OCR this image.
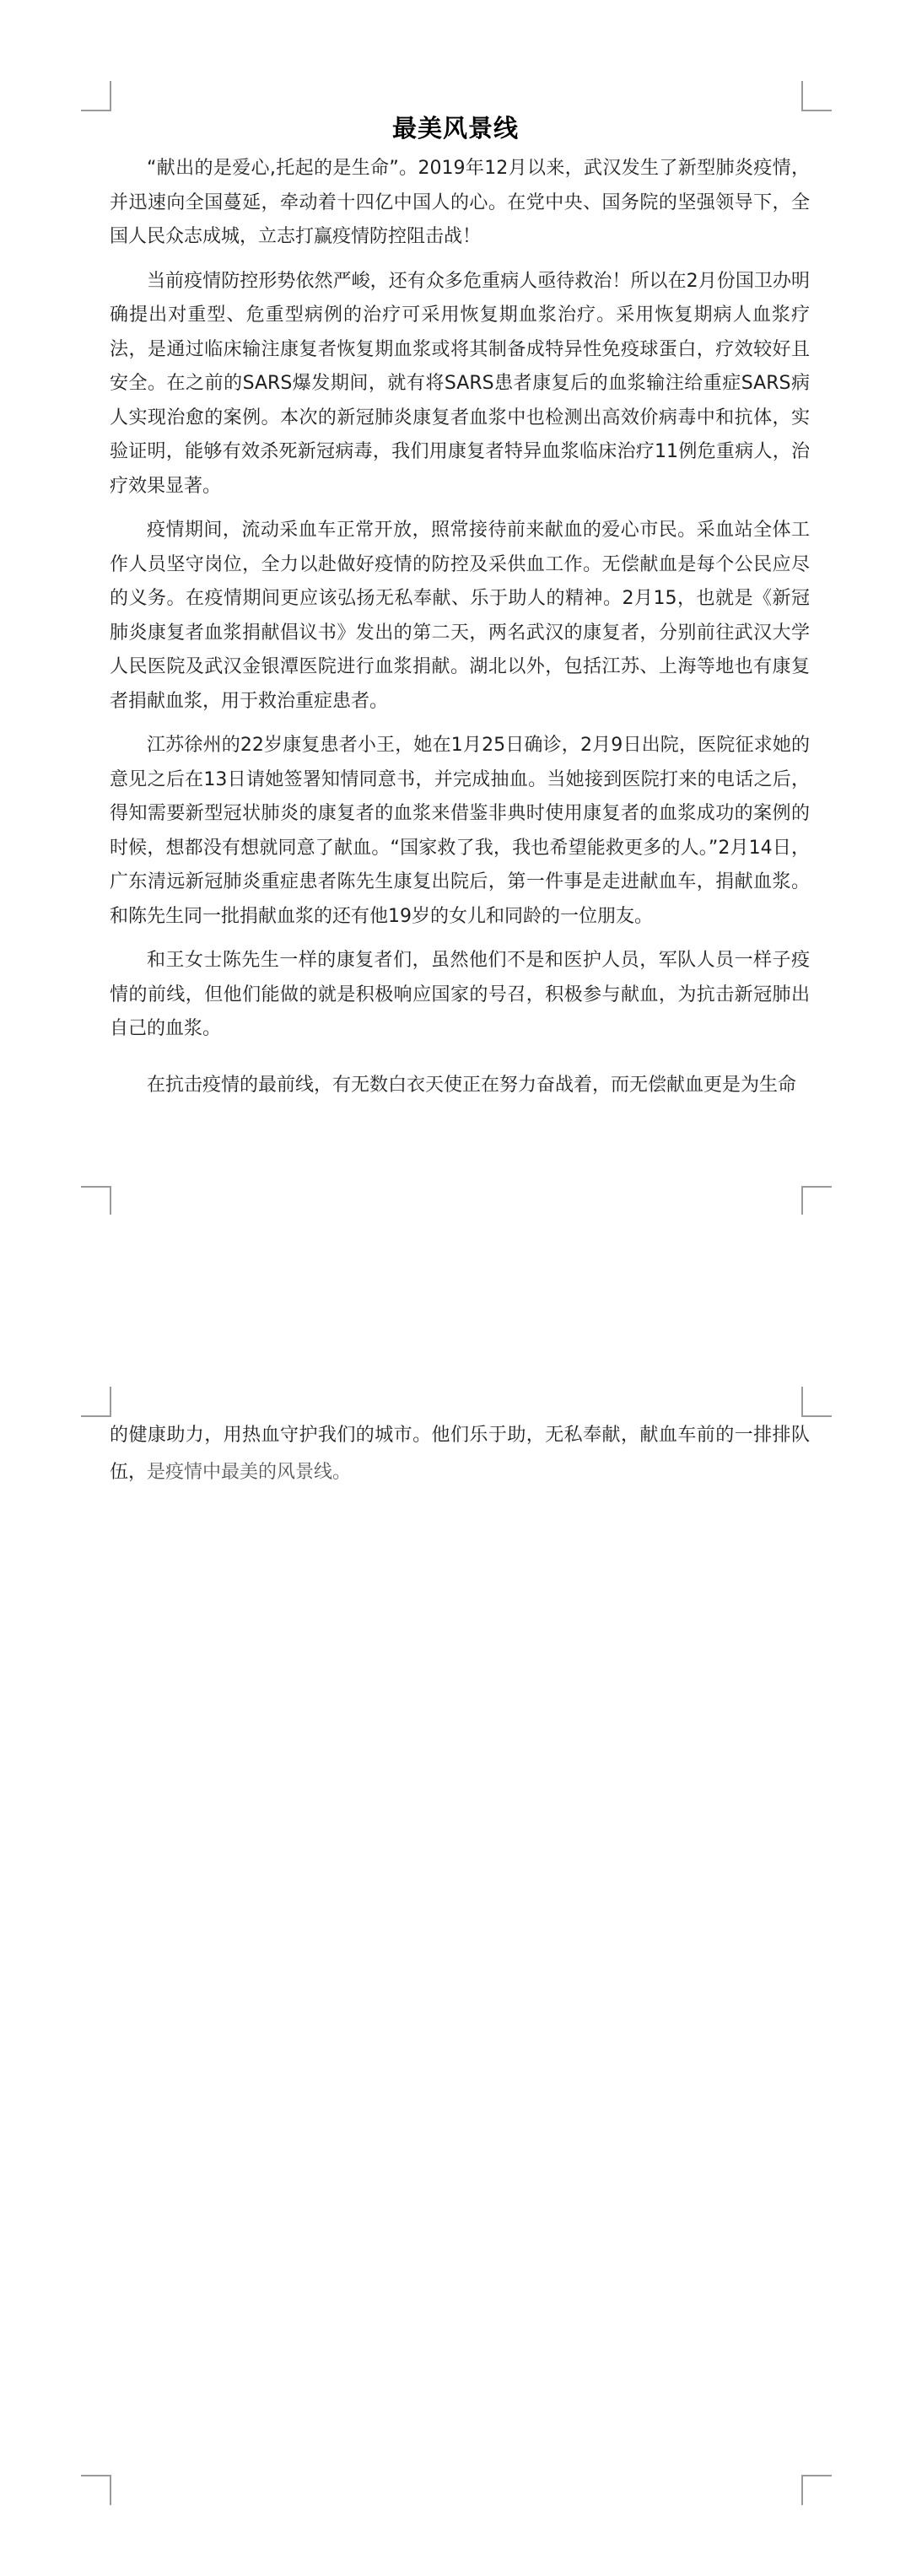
最美风景线

“献出的是爱心,托起的是生命”。2019年12月以来，武汉发生了新型肺炎疫情，并迅速向全国蔓延，牵动着十四亿中国人的心。在党中央、国务院的坚强领导下，全国人民众志成城，立志打赢疫情防控阻击战！

当前疫情防控形势依然严峻，还有众多危重病人亟待救治！所以在2月份国卫办明确提出对重型、危重型病例的治疗可采用恢复期血浆治疗。采用恢复期病人血浆疗法，是通过临床输注康复者恢复期血浆或将其制备成特异性免疫球蛋白，疗效较好且安全。在之前的SARS爆发期间，就有将SARS患者康复后的血浆输注给重症SARS病人实现治愈的案例。本次的新冠肺炎康复者血浆中也检测出高效价病毒中和抗体，实验证明，能够有效杀死新冠病毒，我们用康复者特异血浆临床治疗11例危重病人，治疗效果显著。

疫情期间，流动采血车正常开放，照常接待前来献血的爱心市民。采血站全体工作人员坚守岗位，全力以赴做好疫情的防控及采供血工作。无偿献血是每个公民应尽的义务。在疫情期间更应该弘扬无私奉献、乐于助人的精神。2月15，也就是《新冠肺炎康复者血浆捐献倡议书》发出的第二天，两名武汉的康复者，分别前往武汉大学人民医院及武汉金银潭医院进行血浆捐献。湖北以外，包括江苏、上海等地也有康复者捐献血浆，用于救治重症患者。

江苏徐州的22岁康复患者小王，她在1月25日确诊，2月9日出院，医院征求她的意见之后在13日请她签署知情同意书，并完成抽血。当她接到医院打来的电话之后，得知需要新型冠状肺炎的康复者的血浆来借鉴非典时使用康复者的血浆成功的案例的时候，想都没有想就同意了献血。“国家救了我，我也希望能救更多的人。”2月14日，广东清远新冠肺炎重症患者陈先生康复出院后，第一件事是走进献血车，捐献血浆。和陈先生同一批捐献血浆的还有他19岁的女儿和同龄的一位朋友。

和王女士陈先生一样的康复者们，虽然他们不是和医护人员，军队人员一样子疫情的前线，但他们能做的就是积极响应国家的号召，积极参与献血，为抗击新冠肺出自己的血浆。

在抗击疫情的最前线，有无数白衣天使正在努力奋战着，而无偿献血更是为生命

的健康助力，用热血守护我们的城市。他们乐于助，无私奉献，献血车前的一排排队伍，是疫情中最美的风景线。
